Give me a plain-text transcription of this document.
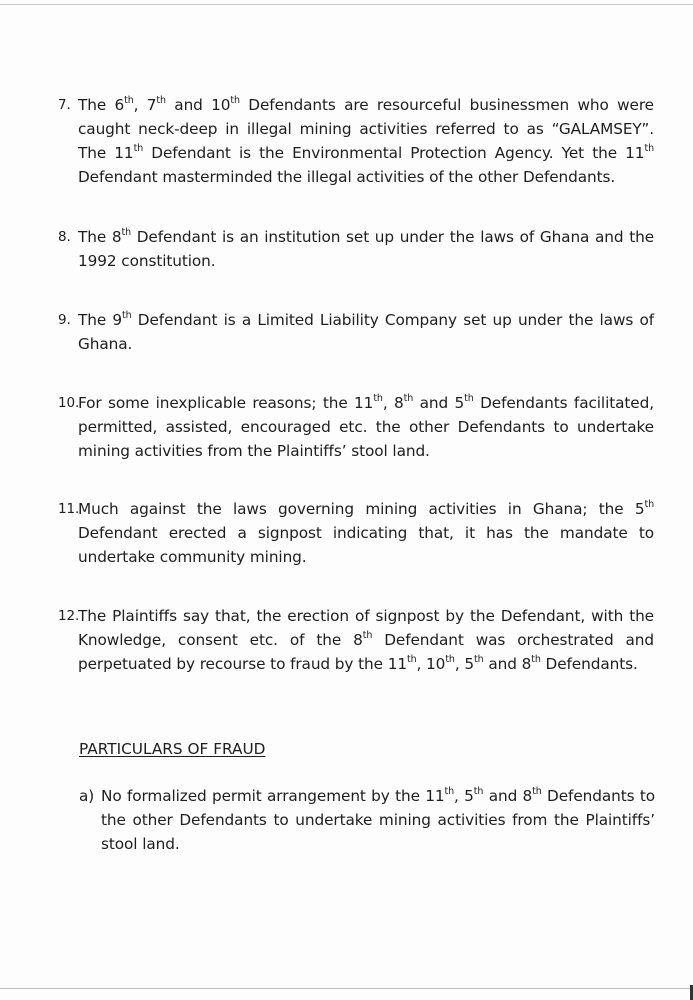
7. The 6th, 7th and 10th Defendants are resourceful businessmen who were caught neck-deep in illegal mining activities referred to as “GALAMSEY”. The 11th Defendant is the Environmental Protection Agency. Yet the 11th Defendant masterminded the illegal activities of the other Defendants.
8. The 8th Defendant is an institution set up under the laws of Ghana and the 1992 constitution.
9. The 9th Defendant is a Limited Liability Company set up under the laws of Ghana.
10.
For some inexplicable reasons; the 11th, 8th and 5th Defendants facilitated, permitted, assisted, encouraged etc. the other Defendants to undertake mining activities from the Plaintiffs’ stool land.
11.
Much against the laws governing mining activities in Ghana; the 5th Defendant erected a signpost indicating that, it has the mandate to undertake community mining.
12.
The Plaintiffs say that, the erection of signpost by the Defendant, with the Knowledge, consent etc. of the 8th Defendant was orchestrated and perpetuated by recourse to fraud by the 11th, 10th, 5th and 8th Defendants.
PARTICULARS OF FRAUD
a) No formalized permit arrangement by the 11th, 5th and 8th Defendants to the other Defendants to undertake mining activities from the Plaintiffs’ stool land.
